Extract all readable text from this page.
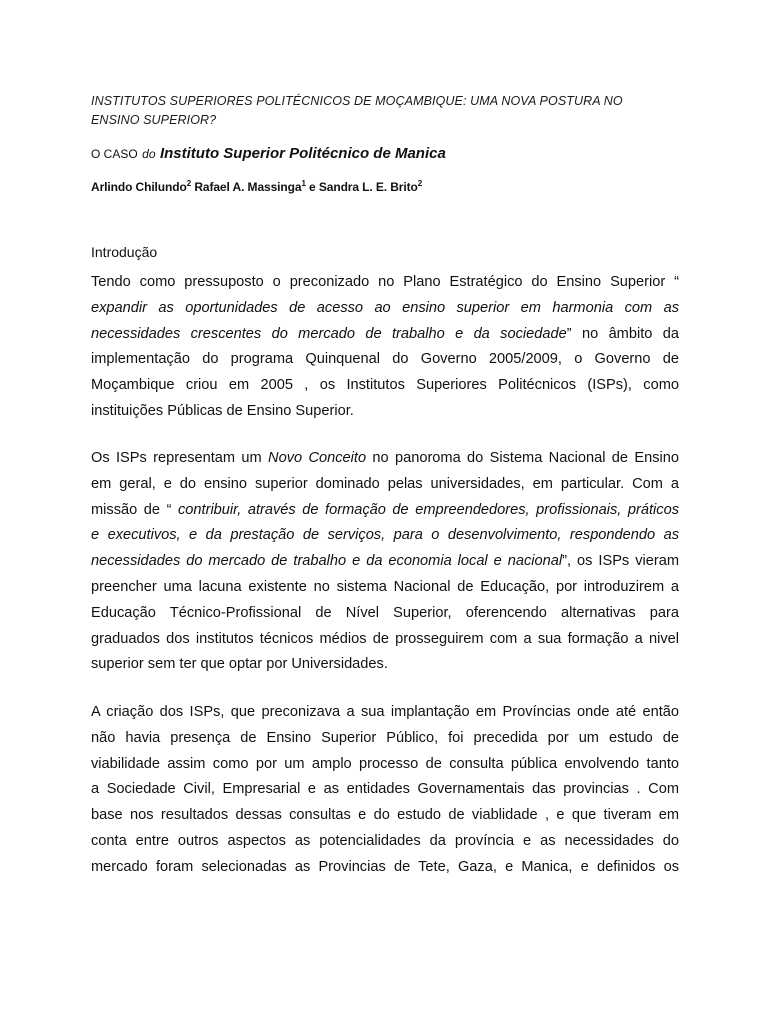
INSTITUTOS SUPERIORES POLITÉCNICOS DE MOÇAMBIQUE: UMA NOVA POSTURA NO ENSINO SUPERIOR?
O CASO do Instituto Superior Politécnico de Manica
Arlindo Chilundo$^2$ Rafael A. Massinga$^1$ e Sandra L. E. Brito$^2$
Introdução
Tendo como pressuposto o preconizado no Plano Estratégico do Ensino Superior “
expandir as oportunidades de acesso ao ensino superior em harmonia com as
necessidades crescentes do mercado de trabalho e da sociedade” no âmbito da
implementação do programa Quinquenal do Governo 2005/2009, o Governo de
Moçambique criou em 2005 , os Institutos Superiores Politécnicos (ISPs), como
instituições Públicas de Ensino Superior.
Os ISPs representam um Novo Conceito no panoroma do Sistema Nacional de Ensino
em geral, e do ensino superior dominado pelas universidades, em particular. Com a
missão de “ contribuir, através de formação de empreendedores, profissionais, práticos
e executivos, e da prestação de serviços, para o desenvolvimento, respondendo as
necessidades do mercado de trabalho e da economia local e nacional”, os ISPs vieram
preencher uma lacuna existente no sistema Nacional de Educação, por introduzirem a
Educação Técnico-Profissional de Nível Superior, oferencendo alternativas para
graduados dos institutos técnicos médios de prosseguirem com a sua formação a nivel
superior sem ter que optar por Universidades.
A criação dos ISPs, que preconizava a sua implantação em Províncias onde até então
não havia presença de Ensino Superior Público, foi precedida por um estudo de
viabilidade assim como por um amplo processo de consulta pública envolvendo tanto
a Sociedade Civil, Empresarial e as entidades Governamentais das provincias . Com
base nos resultados dessas consultas e do estudo de viablidade , e que tiveram em
conta entre outros aspectos as potencialidades da província e as necessidades do
mercado foram selecionadas as Provincias de Tete, Gaza, e Manica, e definidos os
